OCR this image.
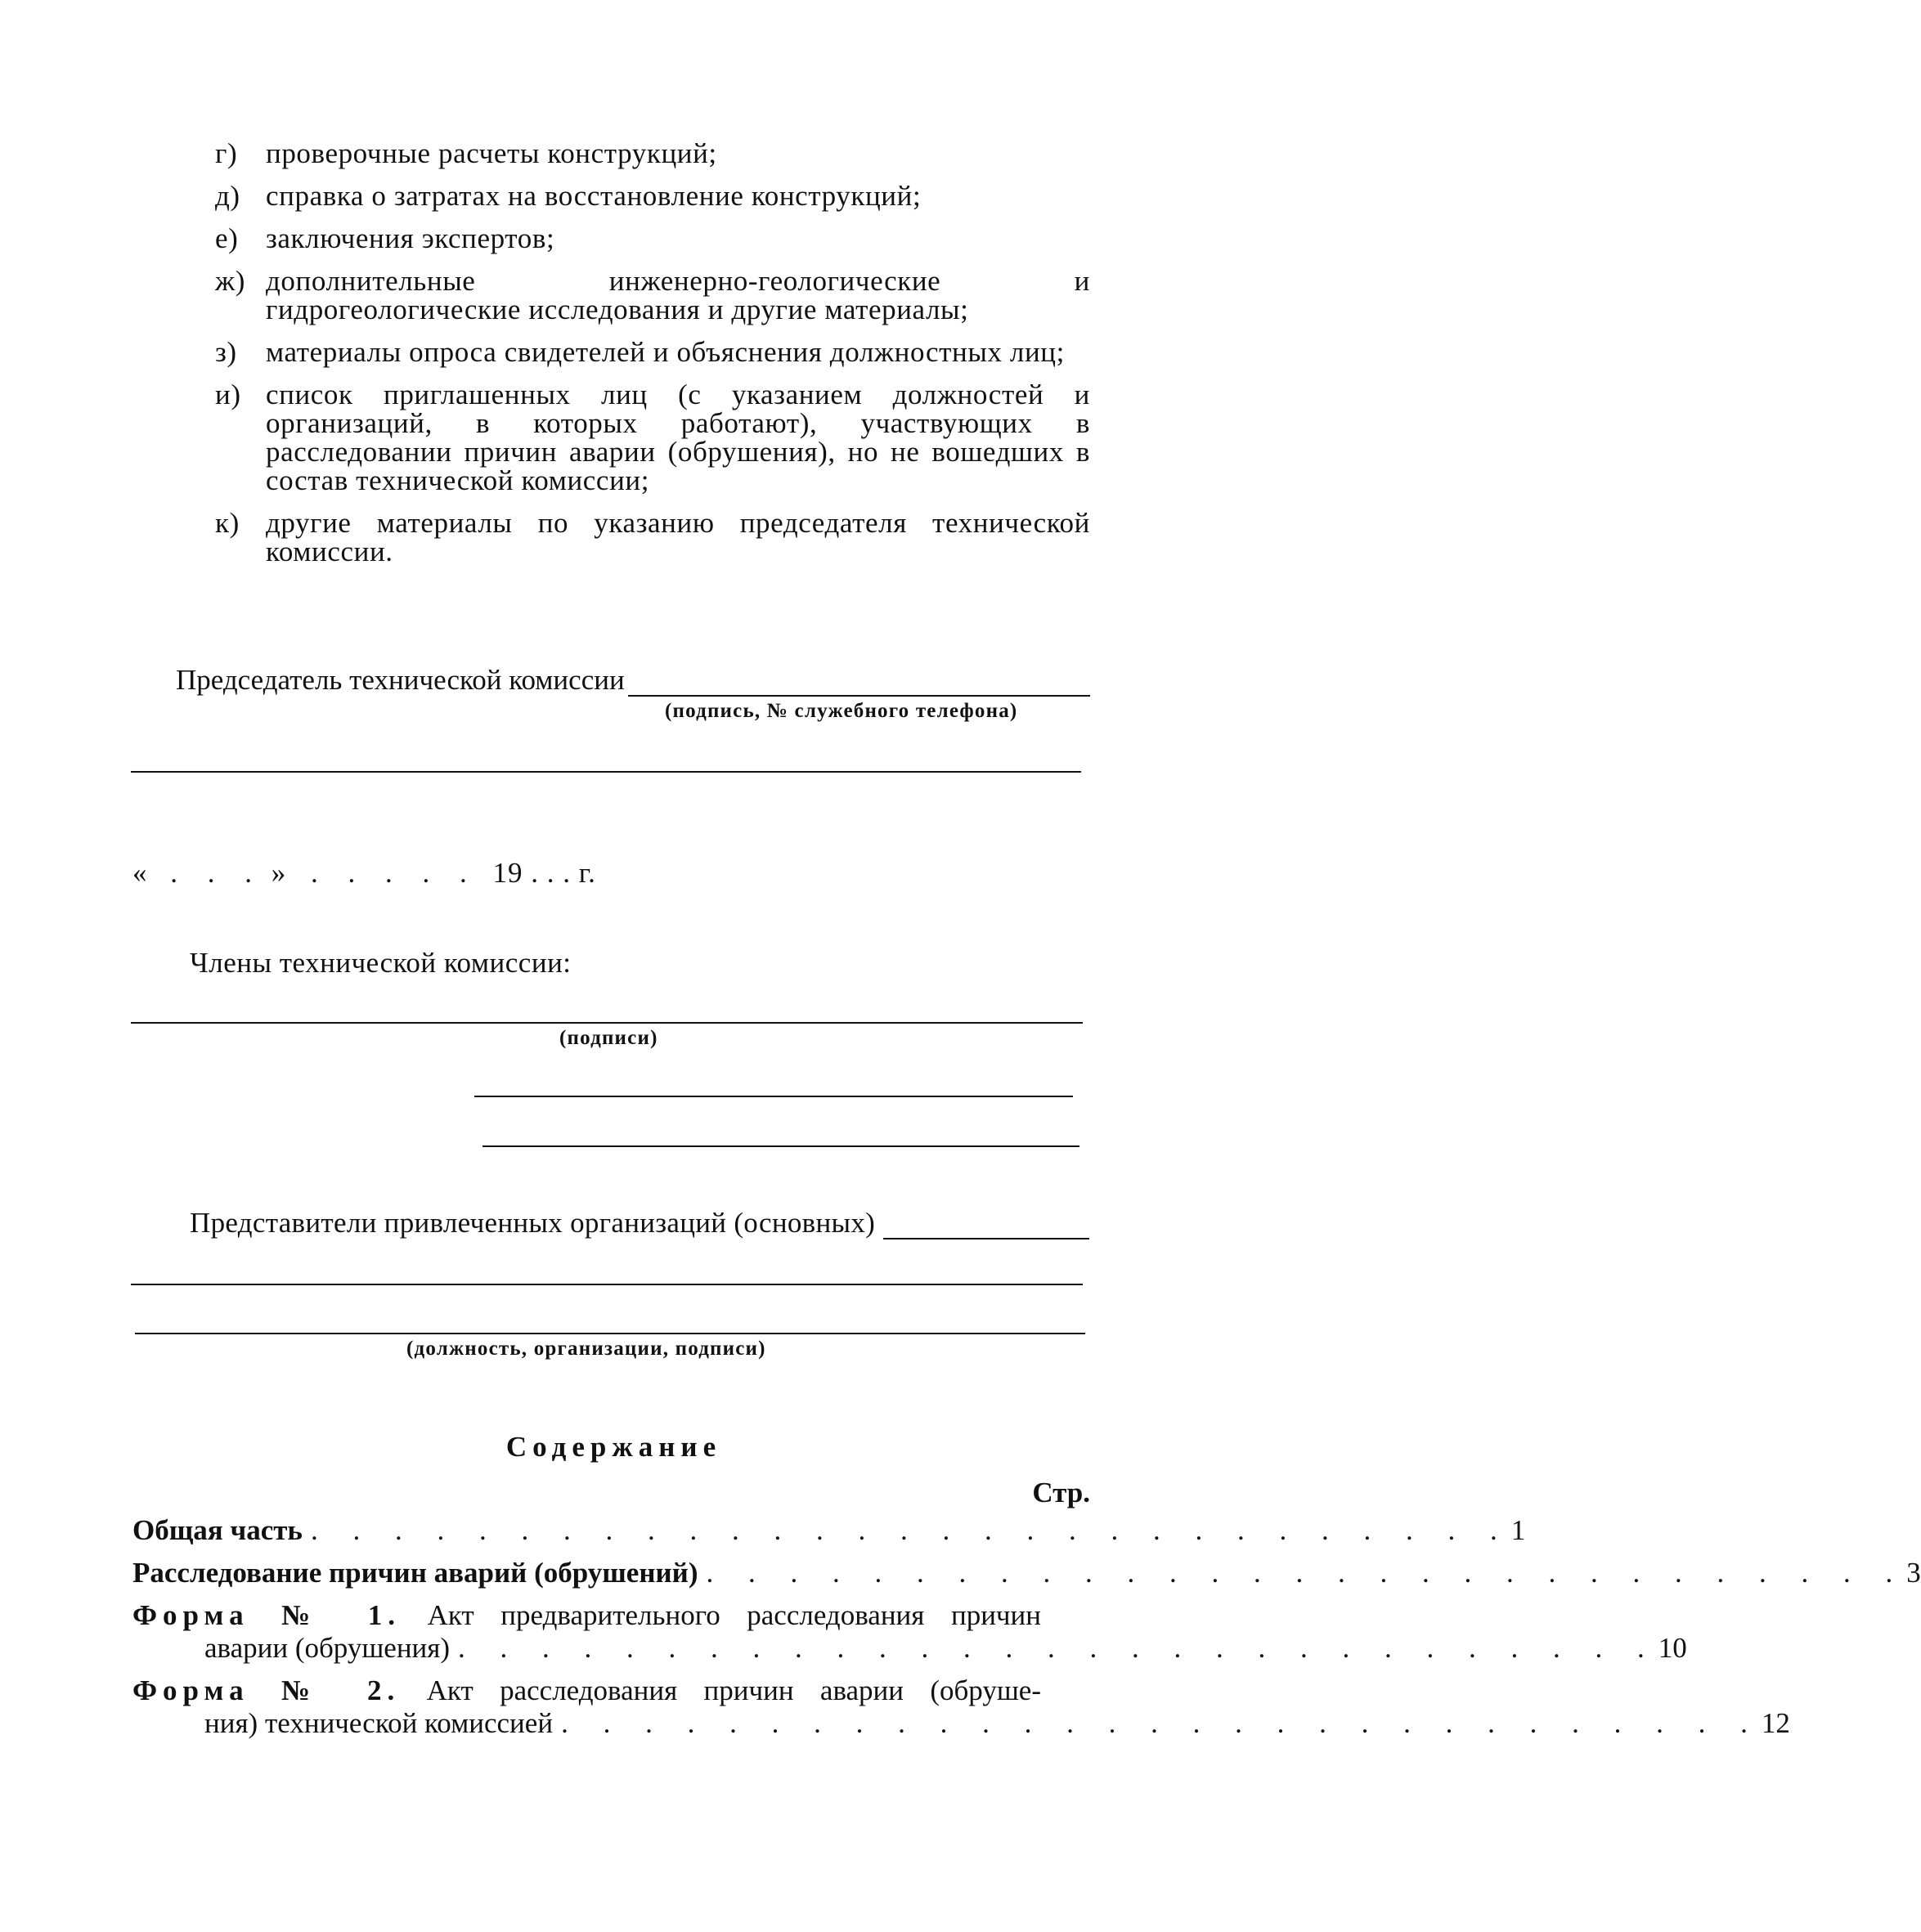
г) проверочные расчеты конструкций;
д) справка о затратах на восстановление конструкций;
е) заключения экспертов;
ж) дополнительные инженерно-геологические и гидрогеологические исследования и другие материалы;
з) материалы опроса свидетелей и объяснения должностных лиц;
и) список приглашенных лиц (с указанием должностей и организаций, в которых работают), участвующих в расследовании причин аварии (обрушения), но не вошедших в состав технической комиссии;
к) другие материалы по указанию председателя технической комиссии.
Председатель технической комиссии
(подпись, № служебного телефона)
« . . . » . . . . . 19 . . . г.
Члены технической комиссии:
(подписи)
Представители привлеченных организаций (основных)
(должность, организации, подписи)
Содержание
Стр.
Общая часть . . . . . . . . . . . . . . . . . . . . . . . . . . . . . 1
Расследование причин аварий (обрушений) . . . . . . . . . . . . . . . . . . . . . . . . . . . . . 3
Форма № 1. Акт предварительного расследования причин
аварии (обрушения) . . . . . . . . . . . . . . . . . . . . . . . . . . . . . 10
Форма № 2. Акт расследования причин аварии (обруше-
ния) технической комиссией . . . . . . . . . . . . . . . . . . . . . . . . . . . . . 12
